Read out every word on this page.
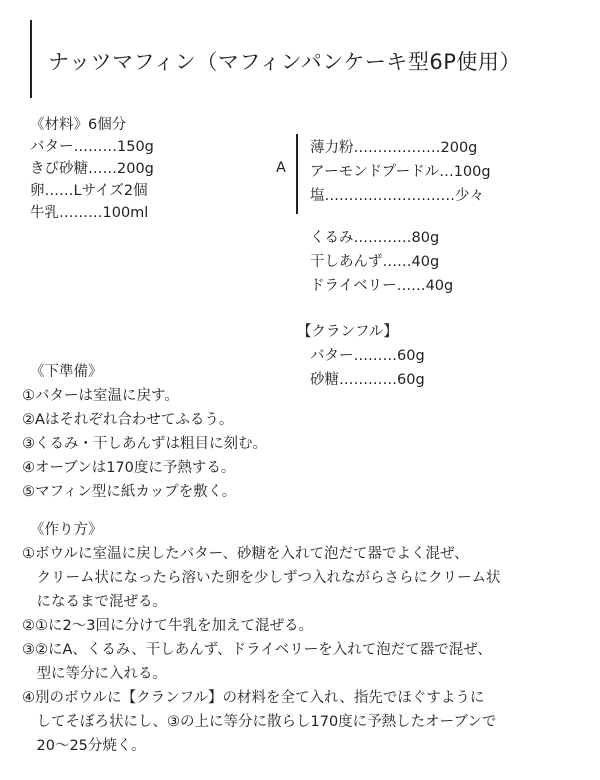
ナッツマフィン（マフィンパンケーキ型6P使用）
《材料》6個分
バター………150g
きび砂糖……200g
卵……Lサイズ2個
牛乳………100ml
A
薄力粉………………200g
アーモンドプードル…100g
塩………………………少々
くるみ…………80g
干しあんず……40g
ドライベリー……40g
【クランフル】
バター………60g
砂糖…………60g
《下準備》
①バターは室温に戻す。
②Aはそれぞれ合わせてふるう。
③くるみ・干しあんずは粗目に刻む。
④オーブンは170度に予熱する。
⑤マフィン型に紙カップを敷く。
《作り方》
①ボウルに室温に戻したバター、砂糖を入れて泡だて器でよく混ぜ、
　クリーム状になったら溶いた卵を少しずつ入れながらさらにクリーム状
　になるまで混ぜる。
②①に2〜3回に分けて牛乳を加えて混ぜる。
③②にA、くるみ、干しあんず、ドライベリーを入れて泡だて器で混ぜ、
　型に等分に入れる。
④別のボウルに【クランフル】の材料を全て入れ、指先でほぐすように
　してそぼろ状にし、③の上に等分に散らし170度に予熱したオーブンで
　20〜25分焼く。
